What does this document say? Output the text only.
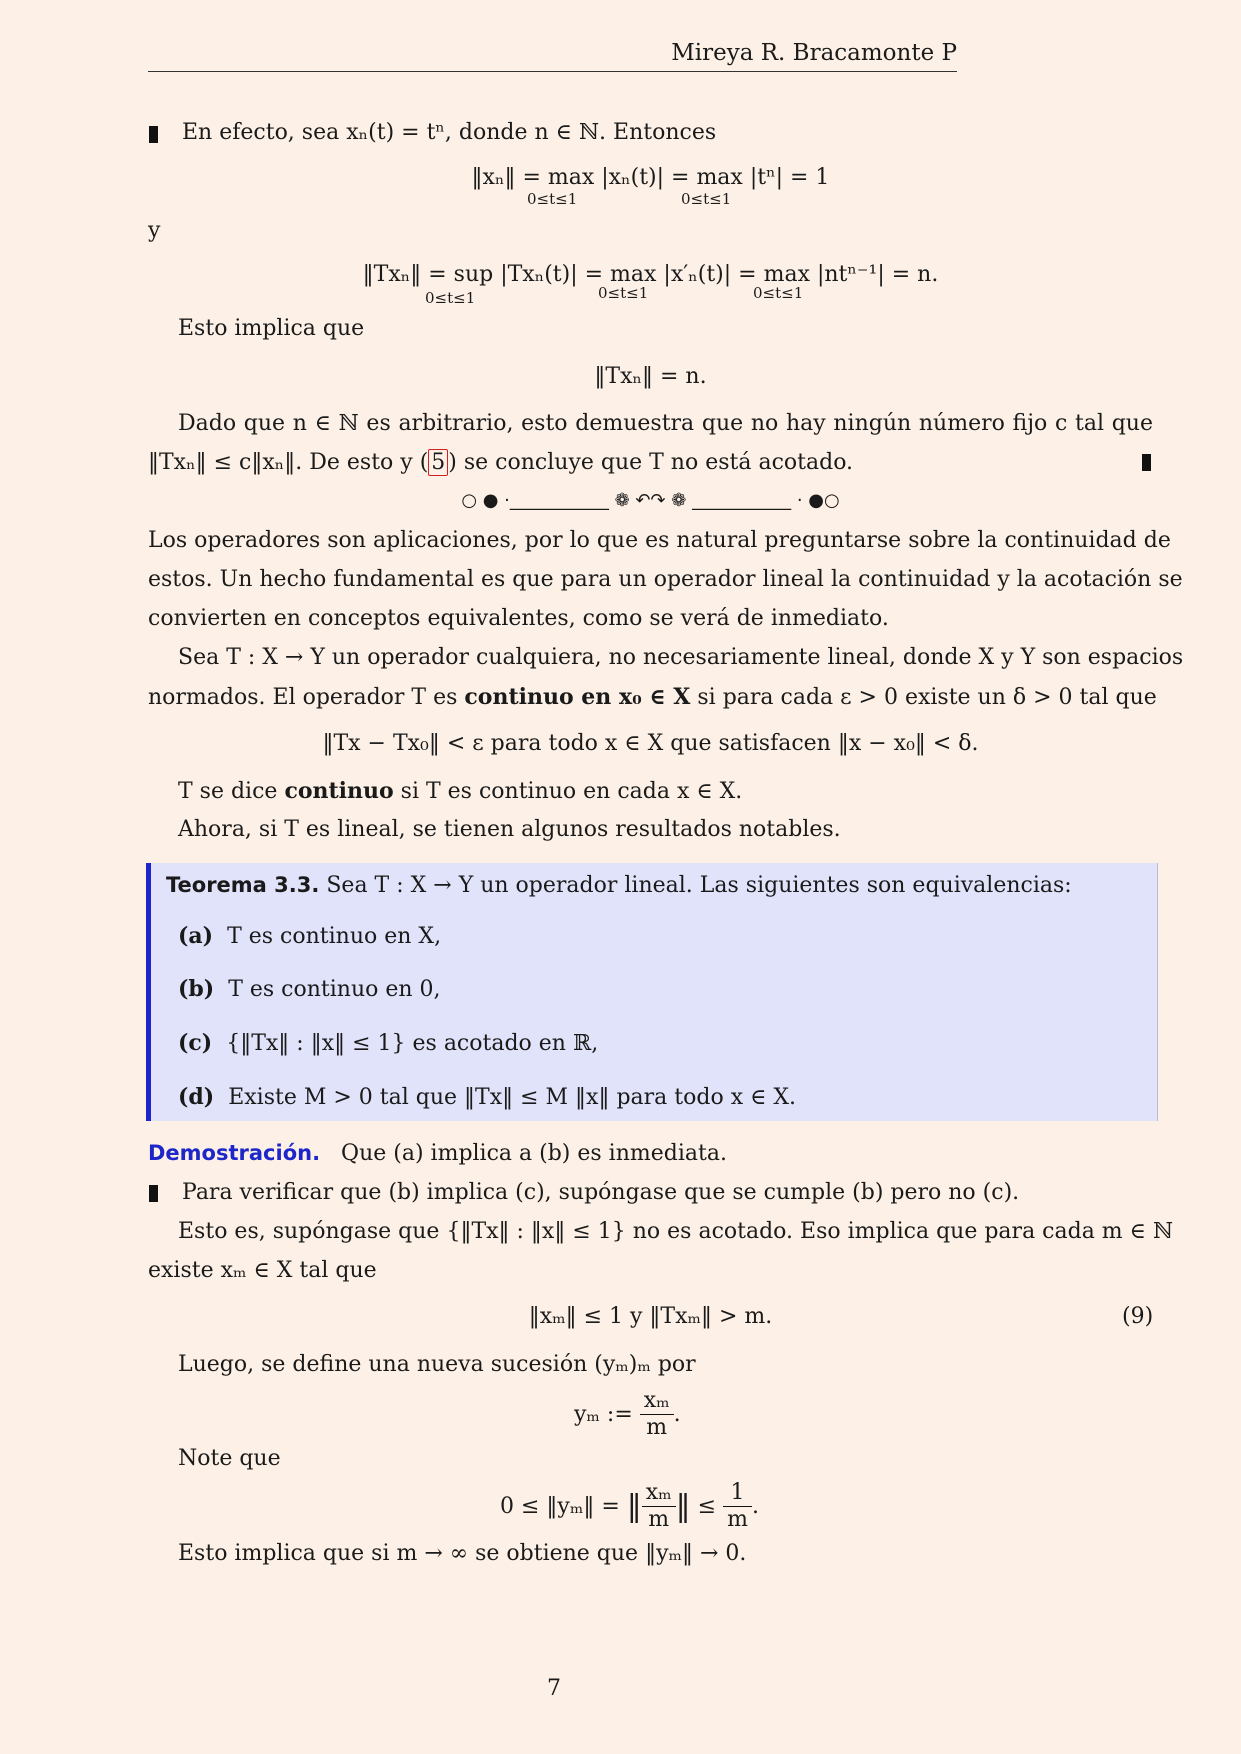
Mireya R. Bracamonte P
En efecto, sea xₙ(t) = tⁿ, donde n ∈ ℕ. Entonces
‖xₙ‖ = max |xₙ(t)| = max |tⁿ| = 1
0≤t≤1	0≤t≤1
y
‖Txₙ‖ = sup |Txₙ(t)| = max |x′ₙ(t)| = max |ntⁿ⁻¹| = n.
0≤t≤1	0≤t≤1	0≤t≤1
Esto implica que
‖Txₙ‖ = n.
Dado que n ∈ ℕ es arbitrario, esto demuestra que no hay ningún número fijo c tal que
‖Txₙ‖ ≤ c‖xₙ‖. De esto y ( 5 ) se concluye que T no está acotado.
○ ● ·___________ ❁ ↶↷ ❁ ___________ · ●○
Los operadores son aplicaciones, por lo que es natural preguntarse sobre la continuidad de
estos. Un hecho fundamental es que para un operador lineal la continuidad y la acotación se
convierten en conceptos equivalentes, como se verá de inmediato.
Sea T : X → Y un operador cualquiera, no necesariamente lineal, donde X y Y son espacios
normados. El operador T es continuo en x₀ ∈ X si para cada ε > 0 existe un δ > 0 tal que
‖Tx − Tx₀‖ < ε para todo x ∈ X que satisfacen ‖x − x₀‖ < δ.
T se dice continuo si T es continuo en cada x ∈ X.
Ahora, si T es lineal, se tienen algunos resultados notables.
Teorema 3.3. Sea T : X → Y un operador lineal. Las siguientes son equivalencias:
(a) T es continuo en X,
(b) T es continuo en 0,
(c) {‖Tx‖ : ‖x‖ ≤ 1} es acotado en ℝ,
(d) Existe M > 0 tal que ‖Tx‖ ≤ M ‖x‖ para todo x ∈ X.
Demostración. Que (a) implica a (b) es inmediata.
Para verificar que (b) implica (c), supóngase que se cumple (b) pero no (c).
Esto es, supóngase que {‖Tx‖ : ‖x‖ ≤ 1} no es acotado. Eso implica que para cada m ∈ ℕ
existe xₘ ∈ X tal que
‖xₘ‖ ≤ 1 y ‖Txₘ‖ > m.	(9)
Luego, se define una nueva sucesión (yₘ)ₘ por
yₘ := $\frac{\text{xₘ}}{m}$ .
Note que
0 ≤ ‖yₘ‖ = ‖ $\frac{\text{xₘ}}{m}$ ‖ ≤ $\frac{1}{m}$ .
Esto implica que si m → ∞ se obtiene que ‖yₘ‖ → 0.
7
